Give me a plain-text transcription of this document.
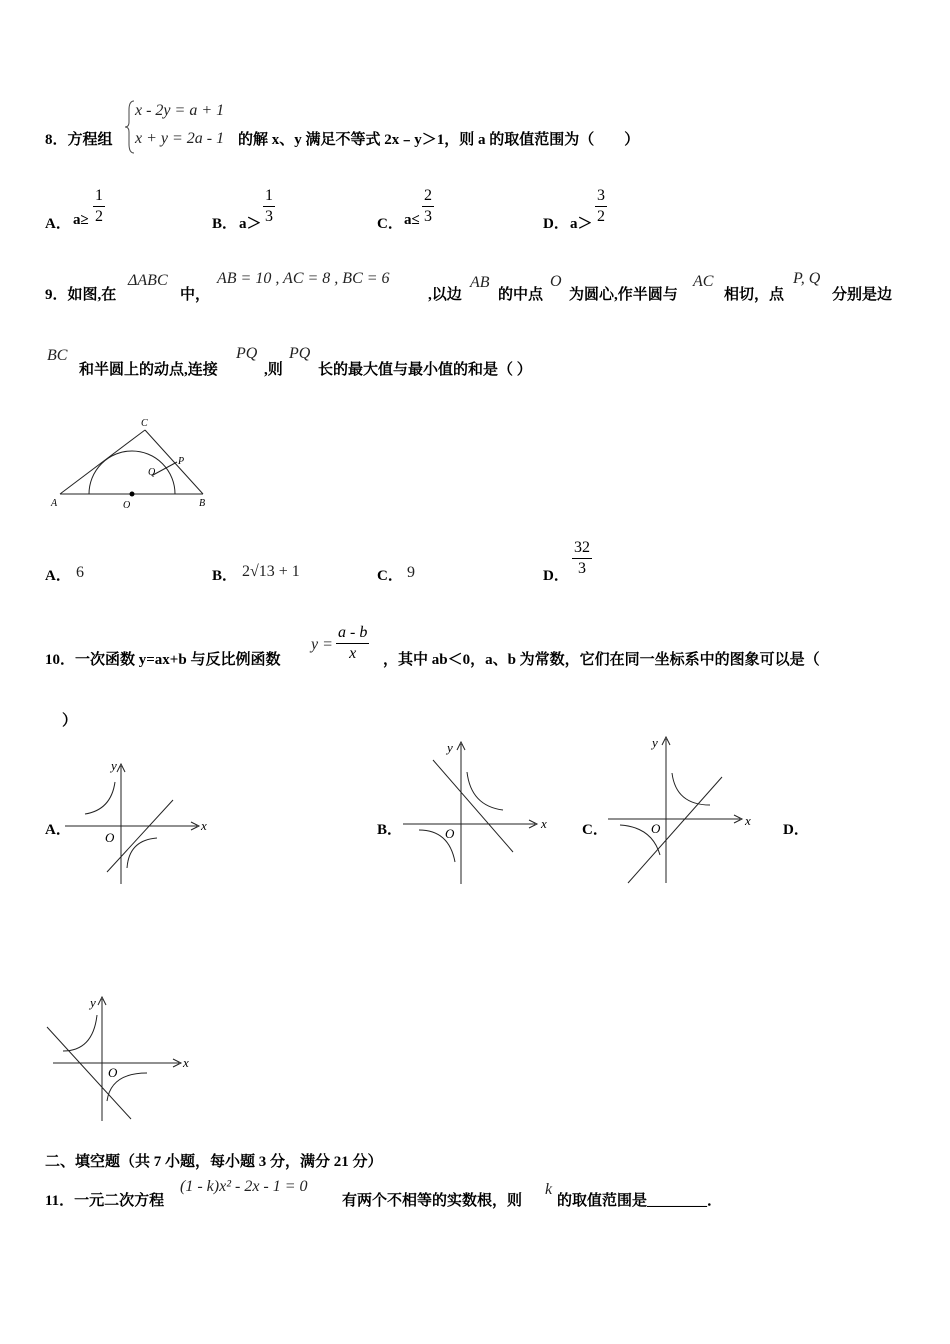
8．方程组
x - 2y = a + 1
x + y = 2a - 1 的解 x、y 满足不等式 2x﹣y＞1，则 a 的取值范围为（　　）
A． $a\ge \frac{1}{2}$	B． $a> \frac{1}{3}$	C． $a\le \frac{2}{3}$	D． $a> \frac{3}{2}$
9．如图,在
ΔABC
中，
AB = 10 , AC = 8 , BC = 6
,以边
AB
的中点
O
为圆心,作半圆与
AC
相切，点
P, Q
分别是边
BC
和半圆上的动点,连接
PQ
,则
PQ
长的最大值与最小值的和是（ ）
A	B
C
O
P
Q
A． 6	B． 2√13 + 1	C． 9	D． $\frac{32}{3}$
10．一次函数 y=ax+b 与反比例函数
$y = \frac{a - b}{x}$ ，其中 ab＜0，a、b 为常数，它们在同一坐标系中的图象可以是（
）
A．	x
y
O	B．	x
y
O	C．
x
y
O	D．
x
y
O
二、填空题（共 7 小题，每小题 3 分，满分 21 分）
11．一元二次方程
(1 - k)x² - 2x - 1 = 0
有两个不相等的实数根，则
k
的取值范围是________．
